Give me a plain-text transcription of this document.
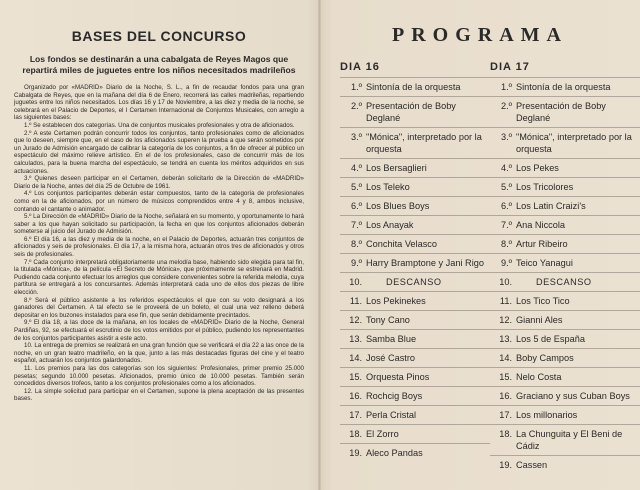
BASES DEL CONCURSO

Los fondos se destinarán a una cabalgata de Reyes Magos que repartirá miles de juguetes entre los niños necesitados madrileños

Organizado por «MADRID» Diario de la Noche, S. L., a fin de recaudar fondos para una gran Cabalgata de Reyes, que en la mañana del día 6 de Enero, recorrerá las calles madrileñas, repartiendo juguetes entre los niños necesitados. Los días 16 y 17 de Noviembre, a las diez y media de la noche, se celebrará en el Palacio de Deportes, el I Certamen Internacional de Conjuntos Musicales, con arreglo a las siguientes bases:

1.º Se establecen dos categorías. Una de conjuntos musicales profesionales y otra de aficionados.

2.º A este Certamen podrán concurrir todos los conjuntos, tanto profesionales como de aficionados que lo deseen, siempre que, en el caso de los aficionados superen la prueba a que serán sometidos por un Jurado de Admisión encargado de calibrar la categoría de los conjuntos, a fin de ofrecer al público un espectáculo del máximo relieve artístico. En el de los profesionales, caso de concurrir más de los calculados, para la buena marcha del espectáculo, se tendrá en cuenta los méritos adquiridos en sus actuaciones.

3.º Quienes deseen participar en el Certamen, deberán solicitarlo de la Dirección de «MADRID» Diario de la Noche, antes del día 25 de Octubre de 1961.

4.º Los conjuntos participantes deberán estar compuestos, tanto de la categoría de profesionales como en la de aficionados, por un número de músicos comprendidos entre 4 y 8, ambos inclusive, contando el cantante o animador.

5.º La Dirección de «MADRID» Diario de la Noche, señalará en su momento, y oportunamente lo hará saber a los que hayan solicitado su participación, la fecha en que los conjuntos aficionados deberán someterse al juicio del Jurado de Admisión.

6.º El día 16, a las diez y media de la noche, en el Palacio de Deportes, actuarán tres conjuntos de aficionados y seis de profesionales. El día 17, a la misma hora, actuarán otros tres de aficionados y otros seis de profesionales.

7.º Cada conjunto interpretará obligatoriamente una melodía base, habiendo sido elegida para tal fin, la titulada «Mónica», de la película «El Secreto de Mónica», que próximamente se estrenará en Madrid. Pudiendo cada conjunto efectuar los arreglos que considere convenientes sobre la referida melodía, cuya partitura se entregará a los concursantes. Además interpretará cada uno de ellos dos piezas de libre elección.

8.º Será el público asistente a los referidos espectáculos el que con su voto designará a los ganadores del Certamen. A tal efecto se le proveerá de un boleto, el cual una vez relleno deberá depositar en los buzones instalados para ese fin, que serán debidamente precintados.

9.º El día 18, a las doce de la mañana, en los locales de «MADRID» Diario de la Noche, General Pardiñas, 92, se efectuará el escrutinio de los votos emitidos por el público, pudiendo los representantes de los conjuntos participantes asistir a este acto.

10. La entrega de premios se realizará en una gran función que se verificará el día 22 a las once de la noche, en un gran teatro madrileño, en la que, junto a las más destacadas figuras del cine y el teatro español, actuarán los conjuntos galardonados.

11. Los premios para las dos categorías son los siguientes: Profesionales, primer premio 25.000 pesetas; segundo 10.000 pesetas. Aficionados, premio único de 10.000 pesetas. También serán concedidos diversos trofeos, tanto a los conjuntos profesionales como a los aficionados.

12. La simple solicitud para participar en el Certamen, supone la plena aceptación de las presentes bases.

PROGRAMA
DIA 16
1.º Sintonía de la orquesta
2.º Presentación de Boby Deglané
3.º "Mónica", interpretado por la orquesta
4.º Los Bersaglieri
5.º Los Teleko
6.º Los Blues Boys
7.º Los Anayak
8.º Conchita Velasco
9.º Harry Bramptone y Jani Rigo
10.	DESCANSO
11. Los Pekinekes
12. Tony Cano
13. Samba Blue
14. José Castro
15. Orquesta Pinos
16. Rochcig Boys
17. Perla Cristal
18. El Zorro
19. Aleco Pandas
DIA 17
1.º Sintonía de la orquesta
2.º Presentación de Boby Deglané
3.º "Mónica", interpretado por la orquesta
4.º Los Pekes
5.º Los Tricolores
6.º Los Latin Craizi's
7.º Ana Niccola
8.º Artur Ribeiro
9.º Teico Yanagui
10.	DESCANSO
11. Los Tico Tico
12. Gianni Ales
13. Los 5 de España
14. Boby Campos
15. Nelo Costa
16. Graciano y sus Cuban Boys
17. Los millonarios
18. La Chunguita y El Beni de Cádiz
19. Cassen
